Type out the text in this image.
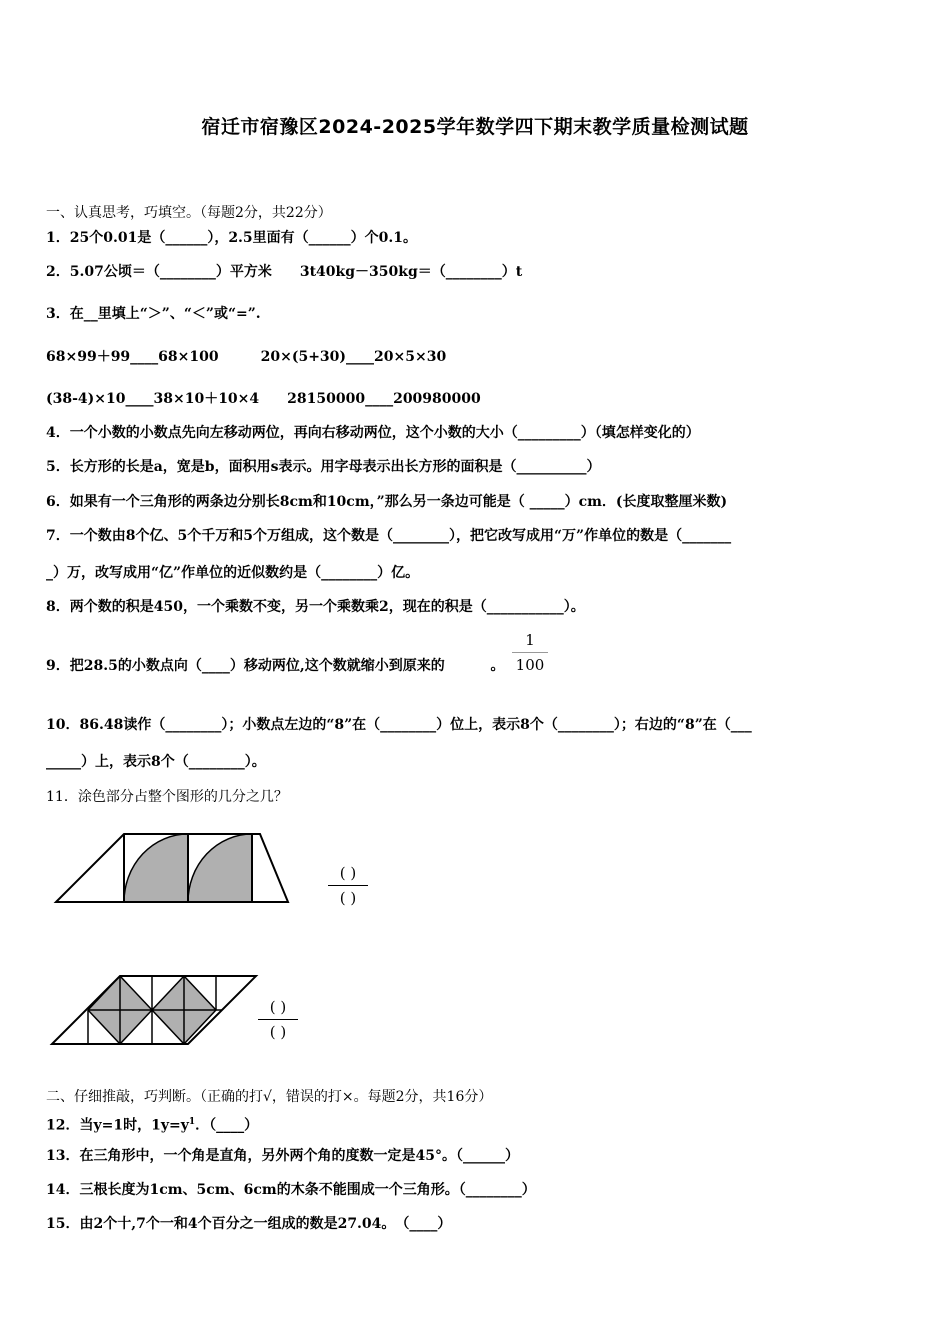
宿迁市宿豫区2024-2025学年数学四下期末教学质量检测试题
一、认真思考，巧填空。（每题2分，共22分）
1．25个0.01是（______），2.5里面有（______）个0.1。
2．5.07公顷＝（________）平方米　　3t40kg－350kg＝（________）t
3．在__里填上“＞”、“＜”或“=”.
68×99＋99____68×100　　　20×(5+30)____20×5×30
(38-4)×10____38×10＋10×4　　28150000____200980000
4．一个小数的小数点先向左移动两位，再向右移动两位，这个小数的大小（_________）（填怎样变化的）
5．长方形的长是a，宽是b，面积用s表示。用字母表示出长方形的面积是（__________）
6．如果有一个三角形的两条边分别长8cm和10cm，”那么另一条边可能是（ _____）cm．(长度取整厘米数)
7．一个数由8个亿、5个千万和5个万组成，这个数是（________），把它改写成用“万”作单位的数是（_______
_）万，改写成用“亿”作单位的近似数约是（________）亿。
8．两个数的积是450，一个乘数不变，另一个乘数乘2，现在的积是（___________）。
9．把28.5的小数点向（____）移动两位,这个数就缩小到原来的	。
1
100
10．86.48读作（________）；小数点左边的“8”在（________）位上，表示8个（________）；右边的“8”在（___
_____）上，表示8个（________）。
11．涂色部分占整个图形的几分之几？
( )
( )
( )
( )
二、仔细推敲，巧判断。（正确的打√，错误的打×。每题2分，共16分）
12．当y=1时，$1y=y^1$．（____）
13．在三角形中，一个角是直角，另外两个角的度数一定是45°。（______）
14．三根长度为1cm、5cm、6cm的木条不能围成一个三角形。（________）
15．由2个十,7个一和4个百分之一组成的数是27.04。　（____）
